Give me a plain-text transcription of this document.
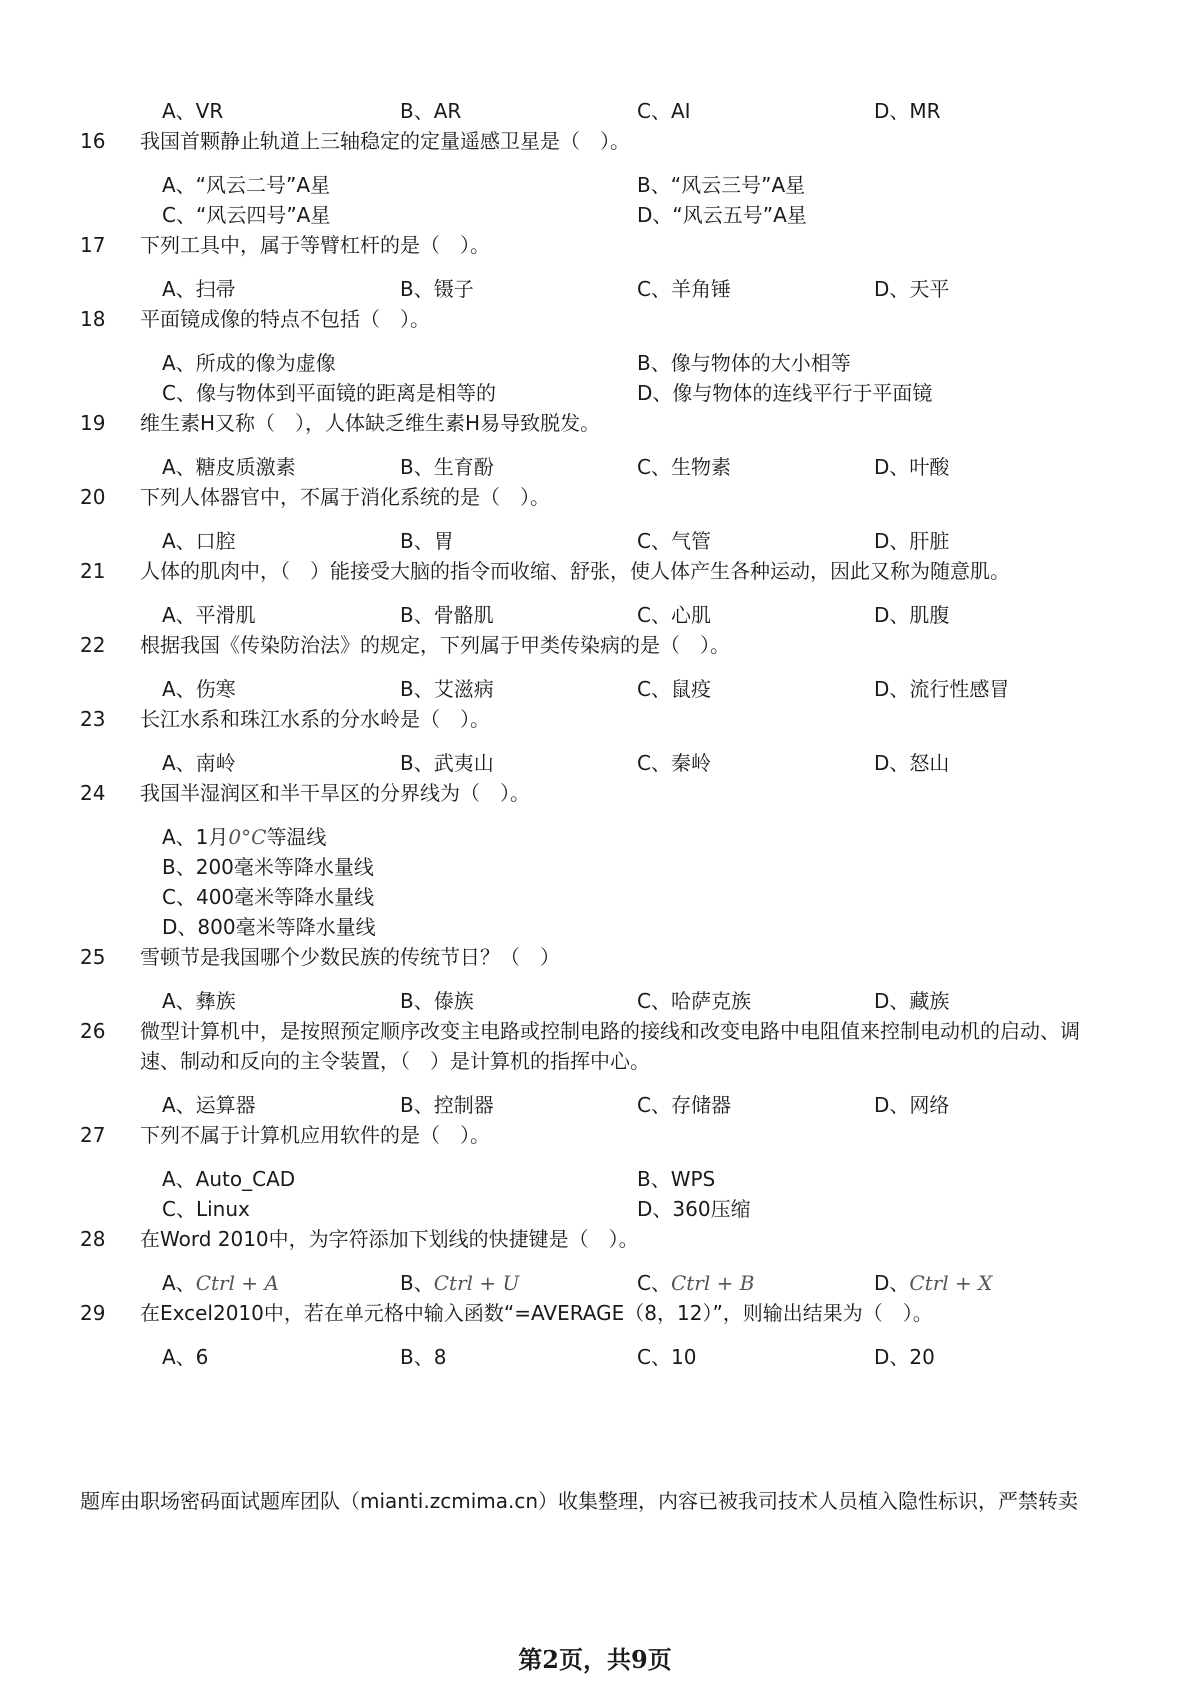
A、VR	B、AR	C、AI	D、MR
16	我国首颗静止轨道上三轴稳定的定量遥感卫星是（　）。
A、“风云二号”A星	B、“风云三号”A星
C、“风云四号”A星	D、“风云五号”A星
17	下列工具中，属于等臂杠杆的是（　）。
A、扫帚	B、镊子	C、羊角锤	D、天平
18	平面镜成像的特点不包括（　）。
A、所成的像为虚像	B、像与物体的大小相等
C、像与物体到平面镜的距离是相等的	D、像与物体的连线平行于平面镜
19	维生素H又称（　），人体缺乏维生素H易导致脱发。
A、糖皮质激素	B、生育酚	C、生物素	D、叶酸
20	下列人体器官中，不属于消化系统的是（　）。
A、口腔	B、胃	C、气管	D、肝脏
21	人体的肌肉中，（　）能接受大脑的指令而收缩、舒张，使人体产生各种运动，因此又称为随意肌。
A、平滑肌	B、骨骼肌	C、心肌	D、肌腹
22	根据我国《传染防治法》的规定，下列属于甲类传染病的是（　）。
A、伤寒	B、艾滋病	C、鼠疫	D、流行性感冒
23	长江水系和珠江水系的分水岭是（　）。
A、南岭	B、武夷山	C、秦岭	D、怒山
24	我国半湿润区和半干旱区的分界线为（　）。
A、1月0°C等温线
B、200毫米等降水量线
C、400毫米等降水量线
D、800毫米等降水量线
25	雪顿节是我国哪个少数民族的传统节日？（　）
A、彝族	B、傣族	C、哈萨克族	D、藏族
26	微型计算机中，是按照预定顺序改变主电路或控制电路的接线和改变电路中电阻值来控制电动机的启动、调速、制动和反向的主令装置，（　）是计算机的指挥中心。
A、运算器	B、控制器	C、存储器	D、网络
27	下列不属于计算机应用软件的是（　）。
A、Auto_CAD	B、WPS
C、Linux	D、360压缩
28	在Word 2010中，为字符添加下划线的快捷键是（　）。
A、Ctrl + A	B、Ctrl + U	C、Ctrl + B	D、Ctrl + X
29	在Excel2010中，若在单元格中输入函数“=AVERAGE（8，12）”，则输出结果为（　）。
A、6	B、8	C、10	D、20
题库由职场密码面试题库团队（mianti.zcmima.cn）收集整理，内容已被我司技术人员植入隐性标识，严禁转卖
第2页，共9页
